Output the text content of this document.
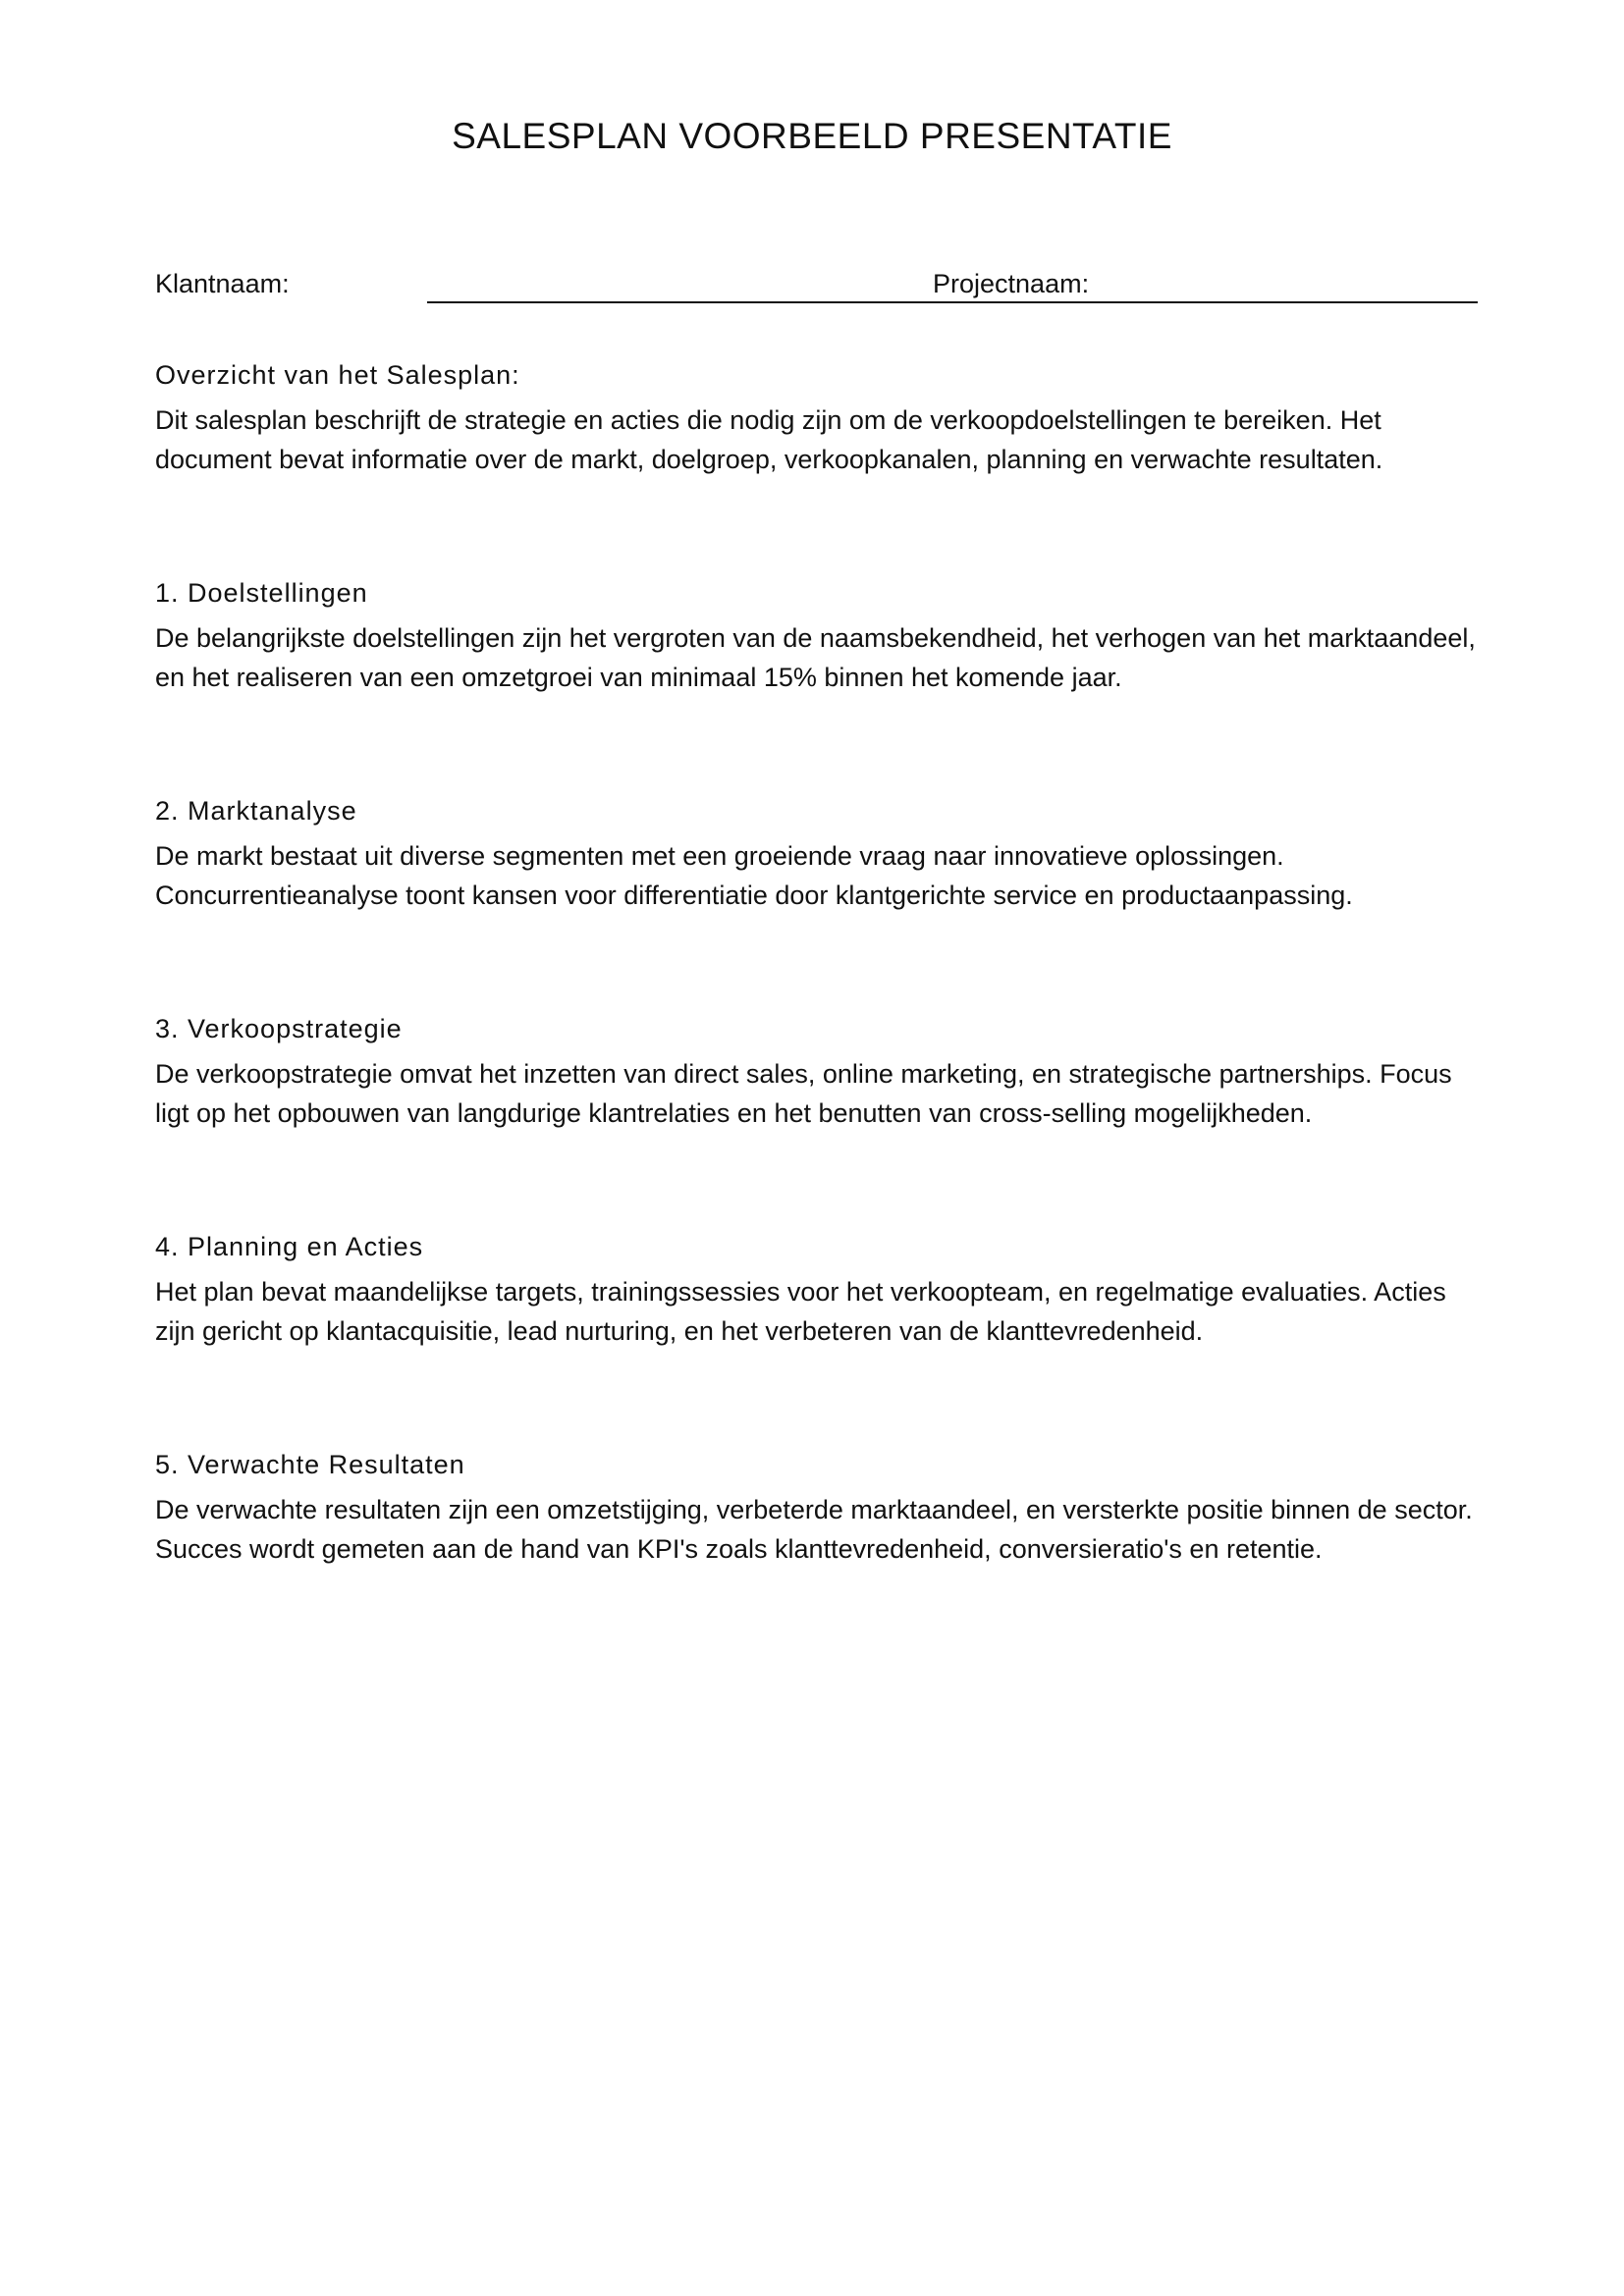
SALESPLAN VOORBEELD PRESENTATIE
Klantnaam:	Projectnaam:
Overzicht van het Salesplan:

Dit salesplan beschrijft de strategie en acties die nodig zijn om de verkoopdoelstellingen te bereiken. Het document bevat informatie over de markt, doelgroep, verkoopkanalen, planning en verwachte resultaten.

1. Doelstellingen

De belangrijkste doelstellingen zijn het vergroten van de naamsbekendheid, het verhogen van het marktaandeel, en het realiseren van een omzetgroei van minimaal 15% binnen het komende jaar.

2. Marktanalyse

De markt bestaat uit diverse segmenten met een groeiende vraag naar innovatieve oplossingen. Concurrentieanalyse toont kansen voor differentiatie door klantgerichte service en productaanpassing.

3. Verkoopstrategie

De verkoopstrategie omvat het inzetten van direct sales, online marketing, en strategische partnerships. Focus ligt op het opbouwen van langdurige klantrelaties en het benutten van cross-selling mogelijkheden.

4. Planning en Acties

Het plan bevat maandelijkse targets, trainingssessies voor het verkoopteam, en regelmatige evaluaties. Acties zijn gericht op klantacquisitie, lead nurturing, en het verbeteren van de klanttevredenheid.

5. Verwachte Resultaten

De verwachte resultaten zijn een omzetstijging, verbeterde marktaandeel, en versterkte positie binnen de sector. Succes wordt gemeten aan de hand van KPI's zoals klanttevredenheid, conversieratio's en retentie.
